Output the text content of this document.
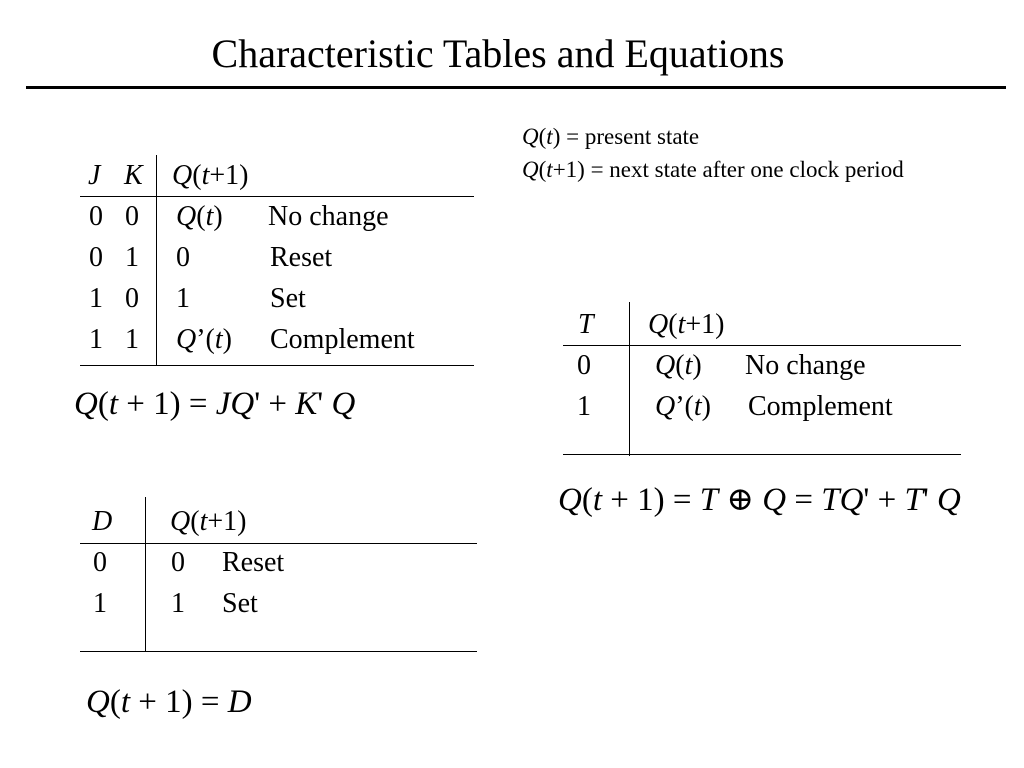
Characteristic Tables and Equations
Q(t) = present state
Q(t+1) = next state after one clock period
J K Q(t+1)
0 0 Q(t) No change
0 1 0	Reset
1 0 1	Set
1 1 Q’(t) Complement
Q(t + 1) = JQ' + K' Q
D Q(t+1)
0 0 Reset
1 1 Set
Q(t + 1) = D
T Q(t+1)
0 Q(t) No change
1 Q’(t) Complement
Q(t + 1) = T ⊕ Q = TQ' + T' Q
